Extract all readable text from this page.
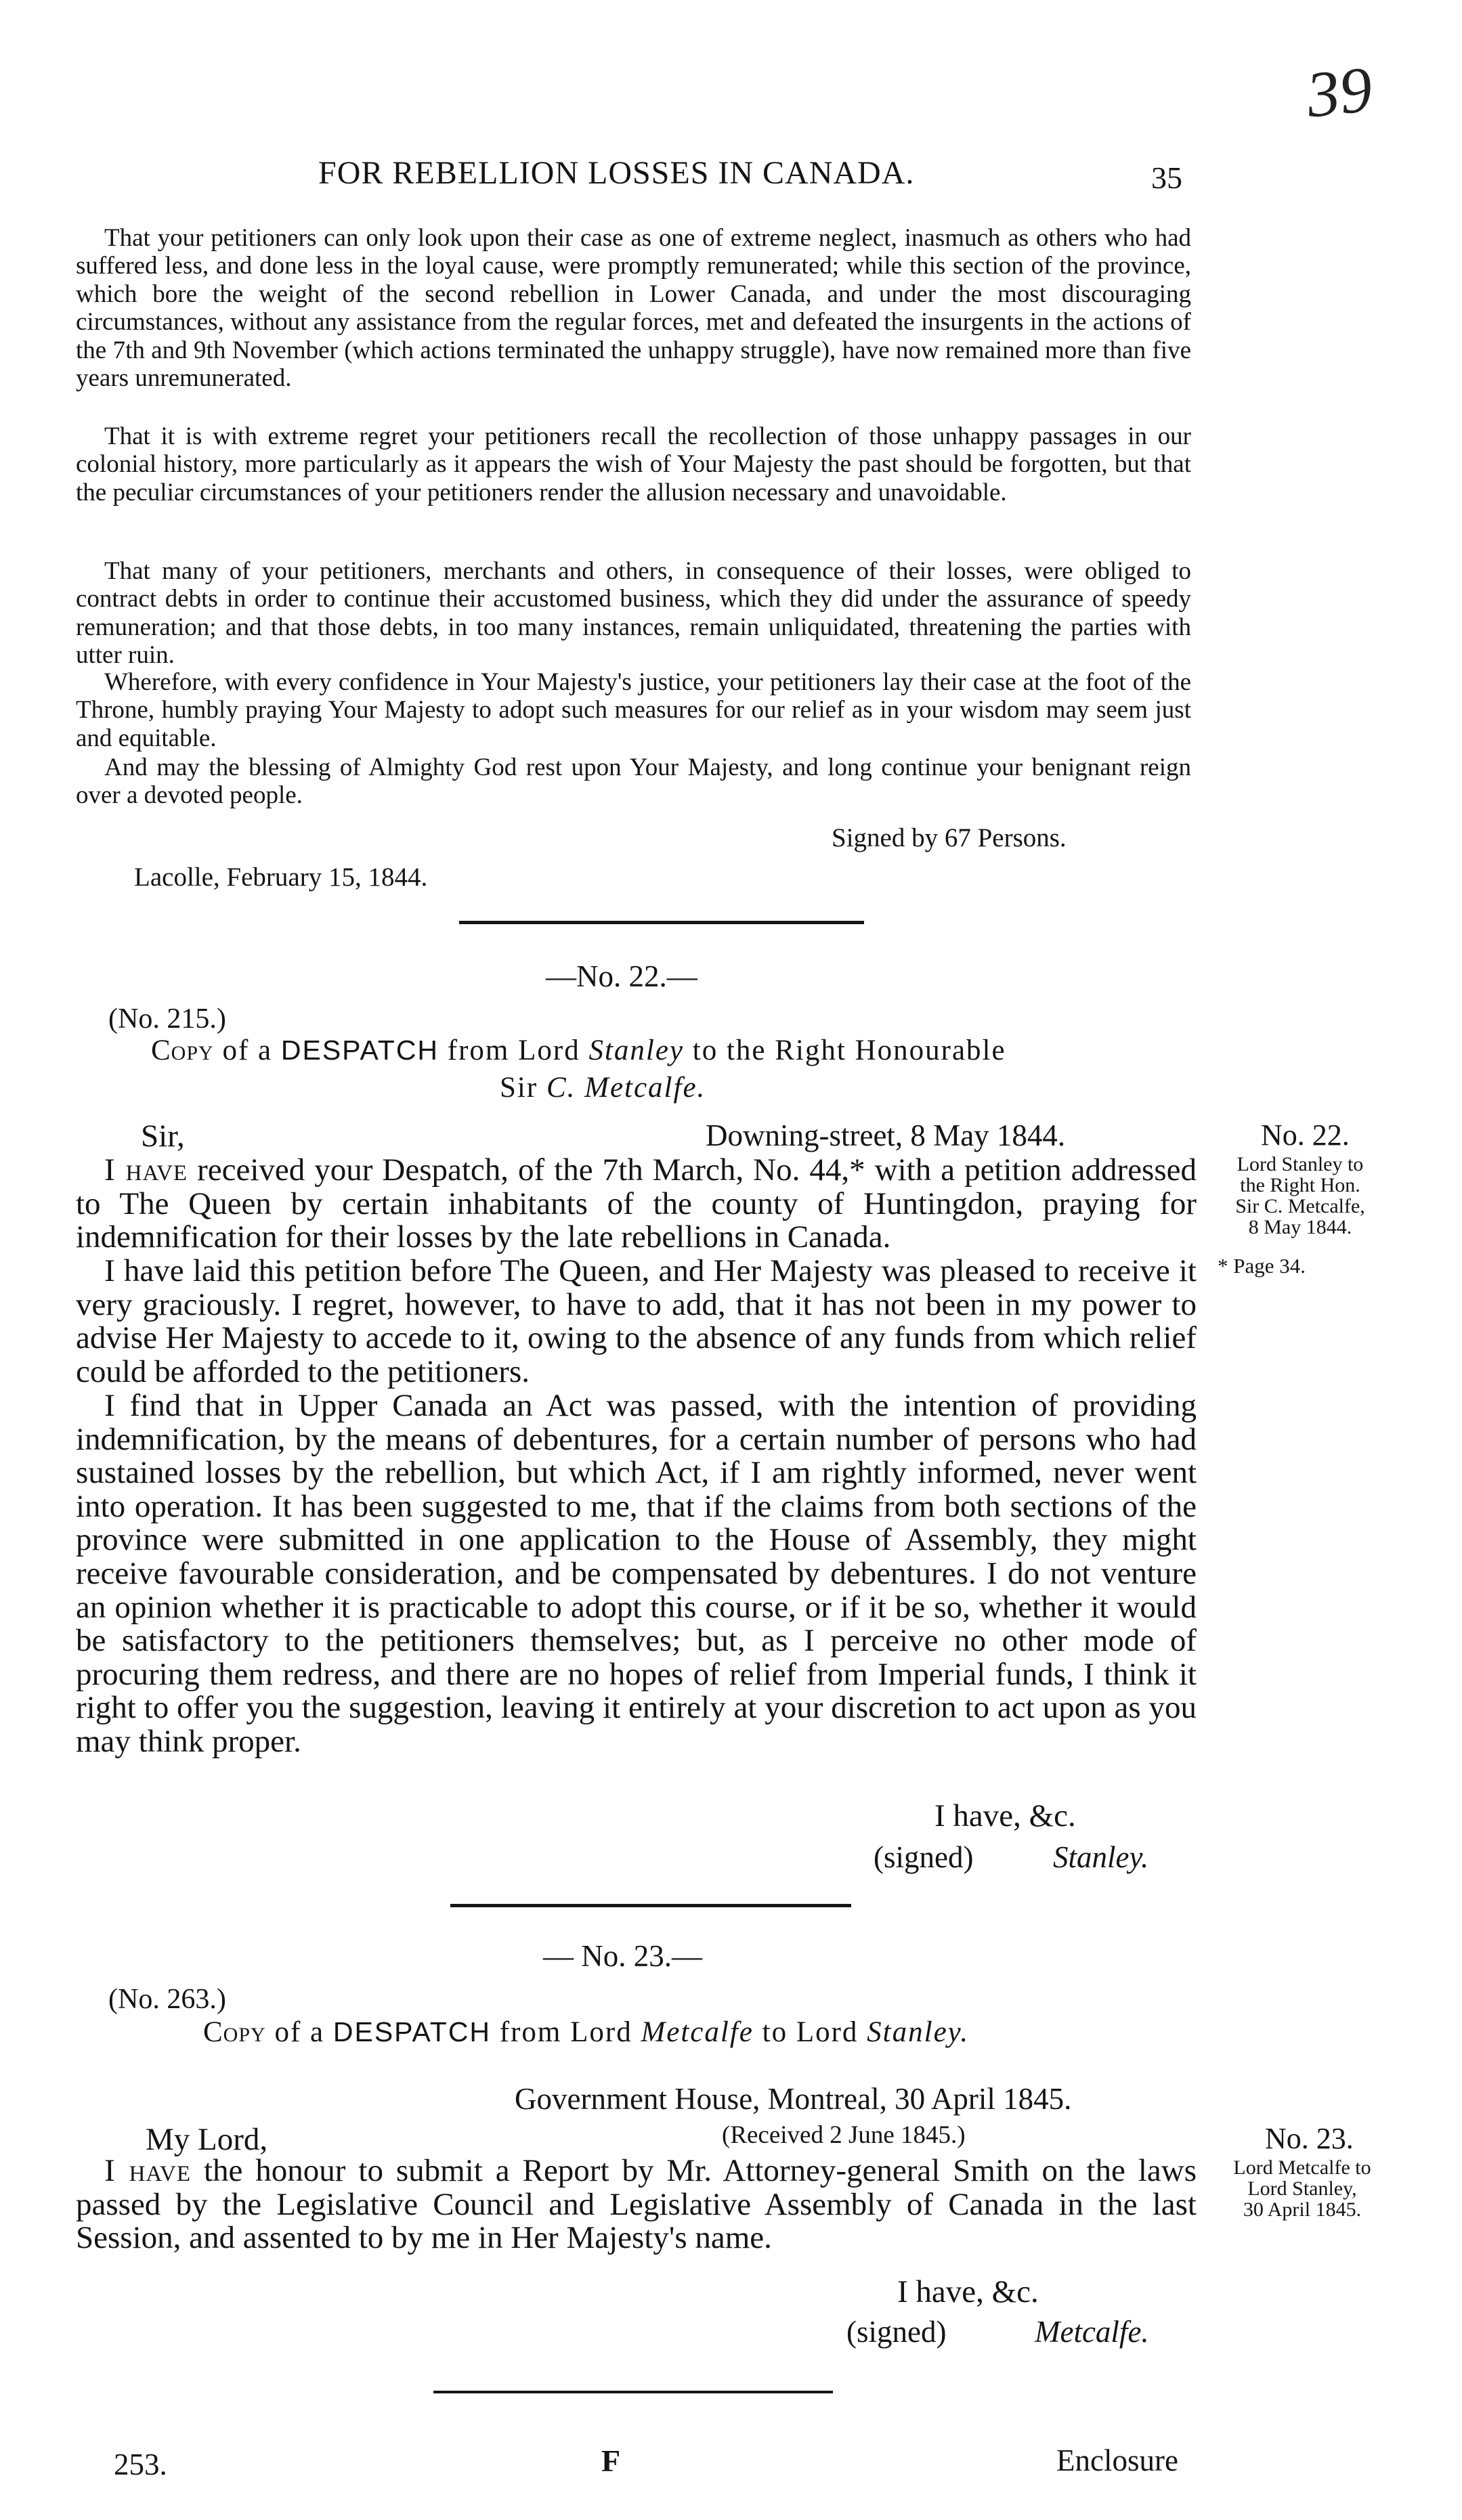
39
FOR REBELLION LOSSES IN CANADA.	35
That your petitioners can only look upon their case as one of extreme neglect, inasmuch as others who had suffered less, and done less in the loyal cause, were promptly remunerated; while this section of the province, which bore the weight of the second rebellion in Lower Canada, and under the most discouraging circumstances, without any assistance from the regular forces, met and defeated the insurgents in the actions of the 7th and 9th November (which actions terminated the unhappy struggle), have now remained more than five years unremunerated.
That it is with extreme regret your petitioners recall the recollection of those unhappy passages in our colonial history, more particularly as it appears the wish of Your Majesty the past should be forgotten, but that the peculiar circumstances of your petitioners render the allusion necessary and unavoidable.
That many of your petitioners, merchants and others, in consequence of their losses, were obliged to contract debts in order to continue their accustomed business, which they did under the assurance of speedy remuneration; and that those debts, in too many instances, remain unliquidated, threatening the parties with utter ruin.
Wherefore, with every confidence in Your Majesty's justice, your petitioners lay their case at the foot of the Throne, humbly praying Your Majesty to adopt such measures for our relief as in your wisdom may seem just and equitable.
And may the blessing of Almighty God rest upon Your Majesty, and long continue your benignant reign over a devoted people.
Signed by 67 Persons.
Lacolle, February 15, 1844.
—No. 22.—
(No. 215.)
Copy of a DESPATCH from Lord Stanley to the Right Honourable
Sir C. Metcalfe.
Sir,	Downing-street, 8 May 1844.
I have received your Despatch, of the 7th March, No. 44,* with a petition addressed to The Queen by certain inhabitants of the county of Huntingdon, praying for indemnification for their losses by the late rebellions in Canada.
I have laid this petition before The Queen, and Her Majesty was pleased to receive it very graciously. I regret, however, to have to add, that it has not been in my power to advise Her Majesty to accede to it, owing to the absence of any funds from which relief could be afforded to the petitioners.
I find that in Upper Canada an Act was passed, with the intention of providing indemnification, by the means of debentures, for a certain number of persons who had sustained losses by the rebellion, but which Act, if I am rightly informed, never went into operation. It has been suggested to me, that if the claims from both sections of the province were submitted in one application to the House of Assembly, they might receive favourable consideration, and be compensated by debentures. I do not venture an opinion whether it is practicable to adopt this course, or if it be so, whether it would be satisfactory to the petitioners themselves; but, as I perceive no other mode of procuring them redress, and there are no hopes of relief from Imperial funds, I think it right to offer you the suggestion, leaving it entirely at your discretion to act upon as you may think proper.
I have, &c.
(signed)	Stanley.
No. 22.
Lord Stanley to
the Right Hon.
Sir C. Metcalfe,
8 May 1844.
* Page 34.
— No. 23.—
(No. 263.)
Copy of a DESPATCH from Lord Metcalfe to Lord Stanley.
Government House, Montreal, 30 April 1845.
My Lord,	(Received 2 June 1845.)
I have the honour to submit a Report by Mr. Attorney-general Smith on the laws passed by the Legislative Council and Legislative Assembly of Canada in the last Session, and assented to by me in Her Majesty's name.
I have, &c.
(signed)	Metcalfe.
No. 23.
Lord Metcalfe to
Lord Stanley,
30 April 1845.
253.	F	Enclosure
